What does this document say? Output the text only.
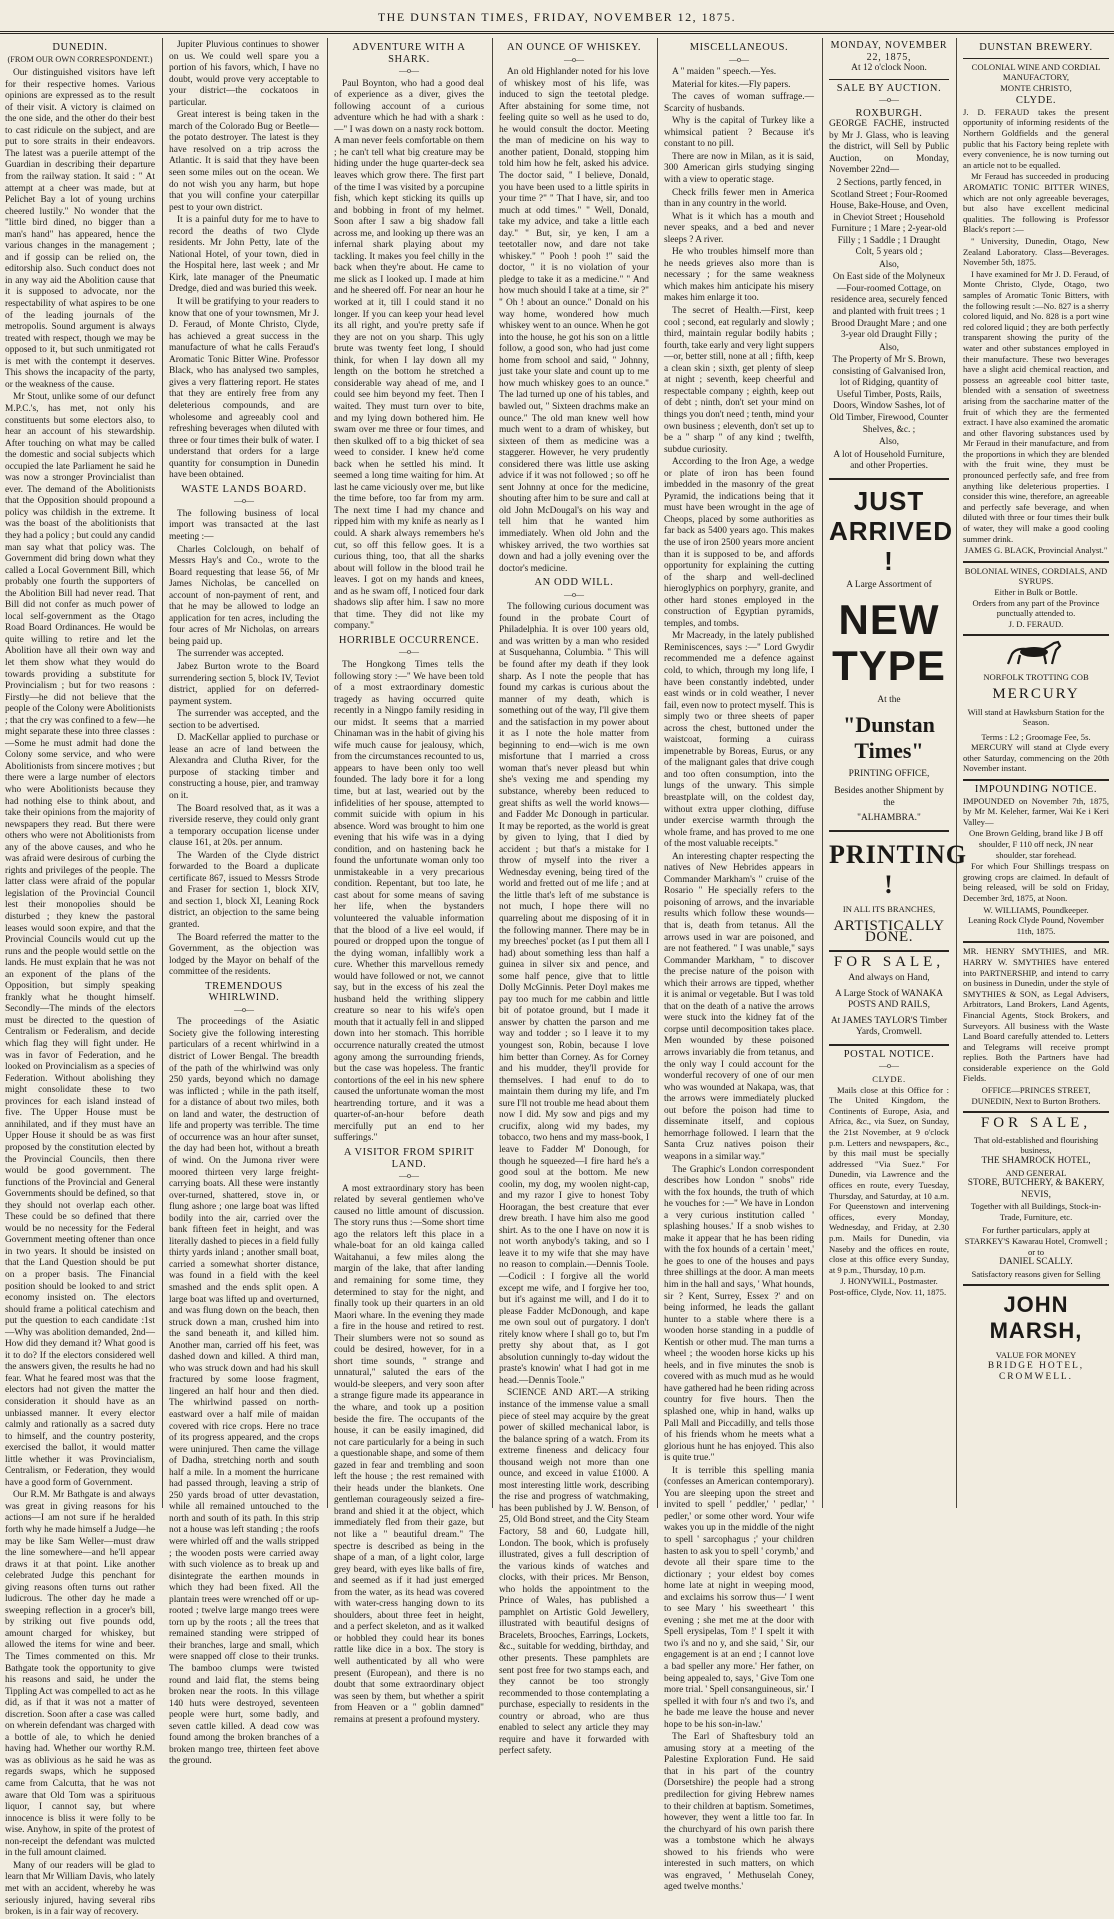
THE DUNSTAN TIMES, FRIDAY, NOVEMBER 12, 1875.
DUNEDIN.
(FROM OUR OWN CORRESPONDENT.)

Our distinguished visitors have left for their respective homes. Various opinions are expressed as to the result of their visit. A victory is claimed on the one side, and the other do their best to cast ridicule on the subject, and are put to sore straits in their endeavors. The latest was a puerile attempt of the Guardian in describing their departure from the railway station. It said : " At attempt at a cheer was made, but at Pelichet Bay a lot of young urchins cheered lustily." No wonder that the "little bird dined, no bigger than a man's hand" has appeared, hence the various changes in the management ; and if gossip can be relied on, the editorship also. Such conduct does not in any way aid the Abolition cause that it is supposed to advocate, nor the respectability of what aspires to be one of the leading journals of the metropolis. Sound argument is always treated with respect, though we may be opposed to it, but such unmitigated rot is met with the contempt it deserves. This shows the incapacity of the party, or the weakness of the cause.

Mr Stout, unlike some of our defunct M.P.C.'s, has met, not only his constituents but some electors also, to hear an account of his stewardship. After touching on what may be called the domestic and social subjects which occupied the late Parliament he said he was now a stronger Provincialist than ever. The demand of the Abolitionists that the Opposition should propound a policy was childish in the extreme. It was the boast of the abolitionists that they had a policy ; but could any candid man say what that policy was. The Government did bring down what they called a Local Government Bill, which probably one fourth the supporters of the Abolition Bill had never read. That Bill did not confer as much power of local self-government as the Otago Road Board Ordinances. He would be quite willing to retire and let the Abolition have all their own way and let them show what they would do towards providing a substitute for Provincialism ; but for two reasons : Firstly—he did not believe that the people of the Colony were Abolitionists ; that the cry was confined to a few—he might separate these into three classes :—Some he must admit had done the Colony some service, and who were Abolitionists from sincere motives ; but there were a large number of electors who were Abolitionists because they had nothing else to think about, and take their opinions from the majority of newspapers they read. But there were others who were not Abolitionists from any of the above causes, and who he was afraid were desirous of curbing the rights and privileges of the people. The latter class were afraid of the popular legislation of the Provincial Council lest their monopolies should be disturbed ; they knew the pastoral leases would soon expire, and that the Provincial Councils would cut up the runs and the people would settle on the lands. He must explain that he was not an exponent of the plans of the Opposition, but simply speaking frankly what he thought himself. Secondly—The minds of the electors must be directed to the question of Centralism or Federalism, and decide which flag they will fight under. He was in favor of Federation, and he looked on Provincialism as a species of Federation. Without abolishing they might consolidate these to two provinces for each island instead of five. The Upper House must be annihilated, and if they must have an Upper House it should be as was first proposed by the constitution elected by the Provincial Councils, then there would be good government. The functions of the Provincial and General Governments should be defined, so that they should not overlap each other. These could be so defined that there would be no necessity for the Federal Government meeting oftener than once in two years. It should be insisted on that the Land Question should be put on a proper basis. The Financial position should be looked to and strict economy insisted on. The electors should frame a political catechism and put the question to each candidate :1st—Why was abolition demanded, 2nd—How did they demand it? What good is it to do? If the electors considered well the answers given, the results he had no fear. What he feared most was that the electors had not given the matter the consideration it should have as an unbiassed manner. It every elector calmly and rationally as a sacred duty to himself, and the country posterity, exercised the ballot, it would matter little whether it was Provincialism, Centralism, or Federation, they would have a good form of Government.

Our R.M. Mr Bathgate is and always was great in giving reasons for his actions—I am not sure if he heralded forth why he made himself a Judge—he may be like Sam Weller—must draw the line somewhere—and he'll appear draws it at that point. Like another celebrated Judge this penchant for giving reasons often turns out rather ludicrous. The other day he made a sweeping reflection in a grocer's bill, by striking out five pounds odd, amount charged for whiskey, but allowed the items for wine and beer. The Times commented on this. Mr Bathgate took the opportunity to give his reasons and said, he under the Tippling Act was compelled to act as he did, as if that it was not a matter of discretion. Soon after a case was called on wherein defendant was charged with a bottle of ale, to which he denied having had. Whether our worthy R.M. was as oblivious as he said he was as regards swaps, which he supposed came from Calcutta, that he was not aware that Old Tom was a spirituous liquor, I cannot say, but where innocence is bliss it were folly to be wise. Anyhow, in spite of the protest of non-receipt the defendant was mulcted in the full amount claimed.

Many of our readers will be glad to learn that Mr William Davis, who lately met with an accident, whereby he was seriously injured, having several ribs broken, is in a fair way of recovery.

Jupiter Pluvious continues to shower on us. We could well spare you a portion of his favors, which, I have no doubt, would prove very acceptable to your district—the cockatoos in particular.

Great interest is being taken in the march of the Colorado Bug or Beetle—the potato destroyer. The latest is they have resolved on a trip across the Atlantic. It is said that they have been seen some miles out on the ocean. We do not wish you any harm, but hope that you will confine your caterpillar pest to your own district.

It is a painful duty for me to have to record the deaths of two Clyde residents. Mr John Petty, late of the National Hotel, of your town, died in the Hospital here, last week ; and Mr Kirk, late manager of the Pneumatic Dredge, died and was buried this week.

It will be gratifying to your readers to know that one of your townsmen, Mr J. D. Feraud, of Monte Christo, Clyde, has achieved a great success in the manufacture of what he calls Feraud's Aromatic Tonic Bitter Wine. Professor Black, who has analysed two samples, gives a very flattering report. He states that they are entirely free from any deleterious compounds, and are wholesome and agreeably cool and refreshing beverages when diluted with three or four times their bulk of water. I understand that orders for a large quantity for consumption in Dunedin have been obtained.

WASTE LANDS BOARD.
—o—

The following business of local import was transacted at the last meeting :—

Charles Colclough, on behalf of Messrs Hay's and Co., wrote to the Board requesting that lease 56, of Mr James Nicholas, be cancelled on account of non-payment of rent, and that he may be allowed to lodge an application for ten acres, including the four acres of Mr Nicholas, on arrears being paid up.

The surrender was accepted.

Jabez Burton wrote to the Board surrendering section 5, block IV, Teviot district, applied for on deferred-payment system.

The surrender was accepted, and the section to be advertised.

D. MacKellar applied to purchase or lease an acre of land between the Alexandra and Clutha River, for the purpose of stacking timber and constructing a house, pier, and tramway on it.

The Board resolved that, as it was a riverside reserve, they could only grant a temporary occupation license under clause 161, at 20s. per annum.

The Warden of the Clyde district forwarded to the Board a duplicate certificate 867, issued to Messrs Strode and Fraser for section 1, block XIV, and section 1, block XI, Leaning Rock district, an objection to the same being granted.

The Board referred the matter to the Government, as the objection was lodged by the Mayor on behalf of the committee of the residents.

TREMENDOUS WHIRLWIND.
—o—

The proceedings of the Asiatic Society give the following interesting particulars of a recent whirlwind in a district of Lower Bengal. The breadth of the path of the whirlwind was only 250 yards, beyond which no damage was inflicted ; while in the path itself, for a distance of about two miles, both on land and water, the destruction of life and property was terrible. The time of occurrence was an hour after sunset, the day had been hot, without a breath of wind. On the Jumona river were moored thirteen very large freight-carrying boats. All these were instantly over-turned, shattered, stove in, or flung ashore ; one large boat was lifted bodily into the air, carried over the bank fifteen feet in height, and was literally dashed to pieces in a field fully thirty yards inland ; another small boat, carried a somewhat shorter distance, was found in a field with the keel smashed and the ends split open. A large boat was lifted up and overturned, and was flung down on the beach, then struck down a man, crushed him into the sand beneath it, and killed him. Another man, carried off his feet, was dashed down and killed. A third man, who was struck down and had his skull fractured by some loose fragment, lingered an half hour and then died. The whirlwind passed on north-eastward over a half mile of maidan covered with rice crops. Here no trace of its progress appeared, and the crops were uninjured. Then came the village of Dadha, stretching north and south half a mile. In a moment the hurricane had passed through, leaving a strip of 250 yards broad of utter devastation, while all remained untouched to the north and south of its path. In this strip not a house was left standing ; the roofs were whirled off and the walls stripped ; the wooden posts were carried away with such violence as to break up and disintegrate the earthen mounds in which they had been fixed. All the plantain trees were wrenched off or up-rooted ; twelve large mango trees were torn up by the roots ; all the trees that remained standing were stripped of their branches, large and small, which were snapped off close to their trunks. The bamboo clumps were twisted round and laid flat, the stems being broken near the roots. In this village 140 huts were destroyed, seventeen people were hurt, some badly, and seven cattle killed. A dead cow was found among the broken branches of a broken mango tree, thirteen feet above the ground.

ADVENTURE WITH A SHARK.
—o—

Paul Boynton, who had a good deal of experience as a diver, gives the following account of a curious adventure which he had with a shark :—" I was down on a nasty rock bottom. A man never feels comfortable on them ; he can't tell what big creature may be hiding under the huge quarter-deck sea leaves which grow there. The first part of the time I was visited by a porcupine fish, which kept sticking its quills up and bobbing in front of my helmet. Soon after I saw a big shadow fall across me, and looking up there was an infernal shark playing about my tackling. It makes you feel chilly in the back when they're about. He came to me slick as I looked up. I made at him and he sheered off. For near an hour he worked at it, till I could stand it no longer. If you can keep your head level its all right, and you're pretty safe if they are not on you sharp. This ugly brute was twenty feet long, I should think, for when I lay down all my length on the bottom he stretched a considerable way ahead of me, and I could see him beyond my feet. Then I waited. They must turn over to bite, and my lying down bothered him. He swam over me three or four times, and then skulked off to a big thicket of sea weed to consider. I knew he'd come back when he settled his mind. It seemed a long time waiting for him. At last he came viciously over me, but like the time before, too far from my arm. The next time I had my chance and ripped him with my knife as nearly as I could. A shark always remembers he's cut, so off this fellow goes. It is a curious thing, too, that all the sharks about will follow in the blood trail he leaves. I got on my hands and knees, and as he swam off, I noticed four dark shadows slip after him. I saw no more that time. They did not like my company."

HORRIBLE OCCURRENCE.
—o—

The Hongkong Times tells the following story :—" We have been told of a most extraordinary domestic tragedy as having occurred quite recently in a Ningpo family residing in our midst. It seems that a married Chinaman was in the habit of giving his wife much cause for jealousy, which, from the circumstances recounted to us, appears to have been only too well founded. The lady bore it for a long time, but at last, wearied out by the infidelities of her spouse, attempted to commit suicide with opium in his absence. Word was brought to him one evening that his wife was in a dying condition, and on hastening back he found the unfortunate woman only too unmistakeable in a very precarious condition. Repentant, but too late, he cast about for some means of saving her life, when the bystanders volunteered the valuable information that the blood of a live eel would, if poured or dropped upon the tongue of the dying woman, infallibly work a cure. Whether this marvellous remedy would have followed or not, we cannot say, but in the excess of his zeal the husband held the writhing slippery creature so near to his wife's open mouth that it actually fell in and slipped down into her stomach. This horrible occurrence naturally created the utmost agony among the surrounding friends, but the case was hopeless. The frantic contortions of the eel in his new sphere caused the unfortunate woman the most heartrending torture, and it was a quarter-of-an-hour before death mercifully put an end to her sufferings."

A VISITOR FROM SPIRIT LAND.
—o—

A most extraordinary story has been related by several gentlemen who've caused no little amount of discussion. The story runs thus :—Some short time ago the relators left this place in a whale-boat for an old kainga called Waitahanui, a few miles along the margin of the lake, that after landing and remaining for some time, they determined to stay for the night, and finally took up their quarters in an old Maori whare. In the evening they made a fire in the house and retired to rest. Their slumbers were not so sound as could be desired, however, for in a short time sounds, " strange and unnatural," saluted the ears of the would-be sleepers, and very soon after a strange figure made its appearance in the whare, and took up a position beside the fire. The occupants of the house, it can be easily imagined, did not care particularly for a being in such a questionable shape, and some of them gazed in fear and trembling and soon left the house ; the rest remained with their heads under the blankets. One gentleman courageously seized a fire-brand and shied it at the object, which immediately fled from their gaze, but not like a " beautiful dream." The spectre is described as being in the shape of a man, of a light color, large grey beard, with eyes like balls of fire, and seemed as if it had just emerged from the water, as its head was covered with water-cress hanging down to its shoulders, about three feet in height, and a perfect skeleton, and as it walked or hobbled they could hear its bones rattle like dice in a box. The story is well authenticated by all who were present (European), and there is no doubt that some extraordinary object was seen by them, but whether a spirit from Heaven or a " goblin damned" remains at present a profound mystery.

AN OUNCE OF WHISKEY.
—o—

An old Highlander noted for his love of whiskey most of his life, was induced to sign the teetotal pledge. After abstaining for some time, not feeling quite so well as he used to do, he would consult the doctor. Meeting the man of medicine on his way to another patient, Donald, stopping him told him how he felt, asked his advice. The doctor said, " I believe, Donald, you have been used to a little spirits in your time ?" " That I have, sir, and too much at odd times." " Well, Donald, take my advice, and take a little each day." " But, sir, ye ken, I am a teetotaller now, and dare not take whiskey." " Pooh ! pooh !" said the doctor, " it is no violation of your pledge to take it as a medicine." " And how much should I take at a time, sir ?" " Oh ! about an ounce." Donald on his way home, wondered how much whiskey went to an ounce. When he got into the house, he got his son on a little follow, a good son, who had just come home from school and said, " Johnny, just take your slate and count up to me how much whiskey goes to an ounce." The lad turned up one of his tables, and bawled out, " Sixteen drachms make an ounce." The old man knew well how much went to a dram of whiskey, but sixteen of them as medicine was a staggerer. However, he very prudently considered there was little use asking advice if it was not followed ; so off he sent Johnny at once for the medicine, shouting after him to be sure and call at old John McDougal's on his way and tell him that he wanted him immediately. When old John and the whiskey arrived, the two worthies sat down and had a jolly evening over the doctor's medicine.

AN ODD WILL.
—o—

The following curious document was found in the probate Court of Philadelphia. It is over 100 years old, and was written by a man who resided at Susquehanna, Columbia. " This will be found after my death if they look sharp. As I note the people that has found my carkas is curious about the manner of my death, which is something out of the way, I'll give them and the satisfaction in my power about it as I note the hole matter from beginning to end—wich is me own misfortune that I married a cross woman that's never pleasd but whin she's vexing me and spending my substance, whereby been reduced to great shifts as well the world knows—and Fadder Mc Donough in particular. It may be reported, as the world is great by given to lying, that I died by accident ; but that's a mistake for I throw of myself into the river a Wednesday evening, being tired of the world and fretted out of me life ; and at the little that's left of me substance is not much, I hope there will no quarreling about me disposing of it in the following manner. There may be in my breeches' pocket (as I put them all I had) about something less than half a guinea in silver six and pence, and some half pence, give that to little Dolly McGinnis. Peter Doyl makes me pay too much for me cabbin and little bit of potatoe ground, but I made it answer by chatten the parson and me way and todder ; so I leave it to my youngest son, Robin, because I love him better than Corney. As for Corney and his mudder, they'll provide for themselves. I had enuf to do to maintain them during my life, and I'm sure I'll not trouble me head about them now I did. My sow and pigs and my crucifix, along wid my bades, my tobacco, two hens and my mass-book, I leave to Fadder M' Donough, for though he squeezed—I fire hard he's a good soul at the bottom. Me new coolin, my dog, my woolen night-cap, and my razor I give to honest Toby Hooragan, the best creature that ever drew breath. I have him also me good shirt. As to the one I have on now it is not worth anybody's taking, and so I leave it to my wife that she may have no reason to complain.—Dennis Toole.—Codicil : I forgive all the world except me wife, and I forgive her too, but it's against me will, and I do it to please Fadder McDonough, and kape me own soul out of purgatory. I don't ritely know where I shall go to, but I'm pretty shy about that, as I got absolution cunningly to-day widout the praste's knowin' what I had got in me head.—Dennis Toole."

SCIENCE AND ART.—A striking instance of the immense value a small piece of steel may acquire by the great power of skilled mechanical labor, is the balance spring of a watch. From its extreme fineness and delicacy four thousand weigh not more than one ounce, and exceed in value £1000. A most interesting little work, describing the rise and progress of watchmaking, has been published by J. W. Benson, of 25, Old Bond street, and the City Steam Factory, 58 and 60, Ludgate hill, London. The book, which is profusely illustrated, gives a full description of the various kinds of watches and clocks, with their prices. Mr Benson, who holds the appointment to the Prince of Wales, has published a pamphlet on Artistic Gold Jewellery, illustrated with beautiful designs of Bracelets, Brooches, Earrings, Lockets, &c., suitable for wedding, birthday, and other presents. These pamphlets are sent post free for two stamps each, and they cannot be too strongly recommended to those contemplating a purchase, especially to residents in the country or abroad, who are thus enabled to select any article they may require and have it forwarded with perfect safety.

MISCELLANEOUS.
—o—

A " maiden " speech.—Yes.

Material for kites.—Fly papers.

The caves of woman suffrage.—Scarcity of husbands.

Why is the capital of Turkey like a whimsical patient ? Because it's constant to no pill.

There are now in Milan, as it is said, 300 American girls studying singing with a view to operatic stage.

Check frills fewer men in America than in any country in the world.

What is it which has a mouth and never speaks, and a bed and never sleeps ? A river.

He who troubles himself more than he needs grieves also more than is necessary ; for the same weakness which makes him anticipate his misery makes him enlarge it too.

The secret of Health.—First, keep cool ; second, eat regularly and slowly ; third, maintain regular bodily habits ; fourth, take early and very light suppers—or, better still, none at all ; fifth, keep a clean skin ; sixth, get plenty of sleep at night ; seventh, keep cheerful and respectable company ; eighth, keep out of debt ; ninth, don't set your mind on things you don't need ; tenth, mind your own business ; eleventh, don't set up to be a " sharp " of any kind ; twelfth, subdue curiosity.

According to the Iron Age, a wedge or plate of iron has been found imbedded in the masonry of the great Pyramid, the indications being that it must have been wrought in the age of Cheops, placed by some authorities as far back as 5400 years ago. This makes the use of iron 2500 years more ancient than it is supposed to be, and affords opportunity for explaining the cutting of the sharp and well-declined hieroglyphics on porphyry, granite, and other hard stones employed in the construction of Egyptian pyramids, temples, and tombs.

Mr Macready, in the lately published Reminiscences, says :—" Lord Gwydir recommended me a defence against cold, to which, through my long life, I have been constantly indebted, under east winds or in cold weather, I never fail, even now to protect myself. This is simply two or three sheets of paper across the chest, buttoned under the waistcoat, forming a cuirass impenetrable by Boreas, Eurus, or any of the malignant gales that drive cough and too often consumption, into the lungs of the unwary. This simple breastplate will, on the coldest day, without extra upper clothing, diffuse under exercise warmth through the whole frame, and has proved to me one of the most valuable receipts."

An interesting chapter respecting the natives of New Hebrides appears in Commander Markham's " cruise of the Rosario " He specially refers to the poisoning of arrows, and the invariable results which follow these wounds—that is, death from tetanus. All the arrows used in war are poisoned, and are not feathered. " I was unable," says Commander Markham, " to discover the precise nature of the poison with which their arrows are tipped, whether it is animal or vegetable. But I was told that on the death of a native the arrows were stuck into the kidney fat of the corpse until decomposition takes place. Men wounded by these poisoned arrows invariably die from tetanus, and the only way I could account for the wonderful recovery of one of our men who was wounded at Nakapa, was, that the arrows were immediately plucked out before the poison had time to disseminate itself, and copious hemorrhage followed. I learn that the Santa Cruz natives poison their weapons in a similar way."

The Graphic's London correspondent describes how London " snobs" ride with the fox hounds, the truth of which he vouches for :—" We have in London a very curious institution called ' splashing houses.' If a snob wishes to make it appear that he has been riding with the fox hounds of a certain ' meet,' he goes to one of the houses and pays three shillings at the door. A man meets him in the hall and says, ' What hounds, sir ? Kent, Surrey, Essex ?' and on being informed, he leads the gallant hunter to a stable where there is a wooden horse standing in a puddle of Kentish or other mud. The man turns a wheel ; the wooden horse kicks up his heels, and in five minutes the snob is covered with as much mud as he would have gathered had he been riding across country for five hours. Then the splashed one, whip in hand, walks up Pall Mall and Piccadilly, and tells those of his friends whom he meets what a glorious hunt he has enjoyed. This also is quite true."

It is terrible this spelling mania (confesses an American contemporary). You are sleeping upon the street and invited to spell ' peddler,' ' pedlar,' ' pedler,' or some other word. Your wife wakes you up in the middle of the night to spell ' sarcophagus ;' your children hasten to ask you to spell ' corymb,' and devote all their spare time to the dictionary ; your eldest boy comes home late at night in weeping mood, and exclaims his sorrow thus—' I went to see Mary ' his sweetheart ' this evening ; she met me at the door with Spell erysipelas, Tom !' I spelt it with two i's and no y, and she said, ' Sir, our engagement is at an end ; I cannot love a bad speller any more.' Her father, on being appealed to, says, ' Give Tom one more trial. ' Spell consanguineous, sir.' I spelled it with four n's and two i's, and he bade me leave the house and never hope to be his son-in-law.'

The Earl of Shaftesbury told an amusing story at a meeting of the Palestine Exploration Fund. He said that in his part of the country (Dorsetshire) the people had a strong predilection for giving Hebrew names to their children at baptism. Sometimes, however, they went a little too far. In the churchyard of his own parish there was a tombstone which he always showed to his friends who were interested in such matters, on which was engraved, ' Methuselah Coney, aged twelve months.'

MONDAY, NOVEMBER 22, 1875,
At 12 o'clock Noon.
SALE BY AUCTION.
—o—
ROXBURGH.

GEORGE FACHE, instructed by Mr J. Glass, who is leaving the district, will Sell by Public Auction, on Monday, November 22nd—

2 Sections, partly fenced, in Scotland Street ; Four-Roomed House, Bake-House, and Oven, in Cheviot Street ; Household Furniture ; 1 Mare ; 2-year-old Filly ; 1 Saddle ; 1 Draught Colt, 5 years old ;

Also,

On East side of the Molyneux—Four-roomed Cottage, on residence area, securely fenced and planted with fruit trees ; 1 Brood Draught Mare ; and one 3-year old Draught Filly ;

Also,

The Property of Mr S. Brown, consisting of Galvanised Iron, lot of Ridging, quantity of Useful Timber, Posts, Rails, Doors, Window Sashes, lot of Old Timber, Firewood, Counter Shelves, &c. ;

Also,

A lot of Household Furniture, and other Properties.

JUST ARRIVED !
A Large Assortment of
NEW TYPE
At the
"Dunstan Times"
PRINTING OFFICE,
Besides another Shipment by the
"ALHAMBRA."
PRINTING !
IN ALL ITS BRANCHES,
ARTISTICALLY DONE.
FOR SALE,
And always on Hand,
A Large Stock of WANAKA POSTS AND RAILS,
At JAMES TAYLOR'S Timber Yards, Cromwell.
POSTAL NOTICE.
—o—
CLYDE.

Mails close at this Office for : The United Kingdom, the Continents of Europe, Asia, and Africa, &c., via Suez, on Sunday, the 21st November, at 9 o'clock p.m. Letters and newspapers, &c., by this mail must be specially addressed "Via Suez." For Dunedin, via Lawrence and the offices en route, every Tuesday, Thursday, and Saturday, at 10 a.m. For Queenstown and intervening offices, every Monday, Wednesday, and Friday, at 2.30 p.m. Mails for Dunedin, via Naseby and the offices en route, close at this office every Sunday, at 9 p.m., Thursday, 10 p.m.

J. HONYWILL, Postmaster.
Post-office, Clyde, Nov. 11, 1875.
DUNSTAN BREWERY.
COLONIAL WINE AND CORDIAL MANUFACTORY,
MONTE CHRISTO,
CLYDE.

J. D. FERAUD takes the present opportunity of informing residents of the Northern Goldfields and the general public that his Factory being replete with every convenience, he is now turning out an article not to be equalled.

Mr Feraud has succeeded in producing AROMATIC TONIC BITTER WINES, which are not only agreeable beverages, but also have excellent medicinal qualities. The following is Professor Black's report :—

" University, Dunedin, Otago, New Zealand Laboratory. Class—Beverages. November 5th, 1875.

I have examined for Mr J. D. Feraud, of Monte Christo, Clyde, Otago, two samples of Aromatic Tonic Bitters, with the following result :—No. 827 is a sherry colored liquid, and No. 828 is a port wine red colored liquid ; they are both perfectly transparent showing the purity of the water and other substances employed in their manufacture. These two beverages have a slight acid chemical reaction, and possess an agreeable cool bitter taste, blended with a sensation of sweetness arising from the saccharine matter of the fruit of which they are the fermented extract. I have also examined the aromatic and other flavoring substances used by Mr Feraud in their manufacture, and from the proportions in which they are blended with the fruit wine, they must be pronounced perfectly safe, and free from anything like deleterious properties. I consider this wine, therefore, an agreeable and perfectly safe beverage, and when diluted with three or four times their bulk of water, they will make a good cooling summer drink.

JAMES G. BLACK, Provincial Analyst."
BOLONIAL WINES, CORDIALS, AND SYRUPS.
Either in Bulk or Bottle.
Orders from any part of the Province punctually attended to.
J. D. FERAUD.
NORFOLK TROTTING COB
MERCURY
Will stand at Hawksburn Station for the Season.
Terms : L2 ; Groomage Fee, 5s.

MERCURY will stand at Clyde every other Saturday, commencing on the 20th November instant.

IMPOUNDING NOTICE.

IMPOUNDED on November 7th, 1875, by Mr M. Keleher, farmer, Wai Ke i Keri Valley—

One Brown Gelding, brand like J B off shoulder, F 110 off neck, JN near shoulder, star forehead.

For which Four Shillings trespass on growing crops are claimed. In default of being released, will be sold on Friday, December 3rd, 1875, at Noon.

W. WILLIAMS, Poundkeeper.
Leaning Rock Clyde Pound, November 11th, 1875.

MR. HENRY SMYTHIES, and MR. HARRY W. SMYTHIES have entered into PARTNERSHIP, and intend to carry on business in Dunedin, under the style of SMYTHIES & SON, as Legal Advisers, Arbitrators, Land Brokers, Land Agents, Financial Agents, Stock Brokers, and Surveyors. All business with the Waste Land Board carefully attended to. Letters and Telegrams will receive prompt replies. Both the Partners have had considerable experience on the Gold Fields.

OFFICE—PRINCES STREET, DUNEDIN, Next to Burton Brothers.
FOR SALE,
That old-established and flourishing business,
THE SHAMROCK HOTEL,
AND GENERAL
STORE, BUTCHERY, & BAKERY, NEVIS,
Together with all Buildings, Stock-in-Trade, Furniture, etc.
For further particulars, apply at STARKEY'S Kawarau Hotel, Cromwell ; or to
DANIEL SCALLY.
Satisfactory reasons given for Selling
JOHN MARSH,
VALUE FOR MONEY
BRIDGE HOTEL,
CROMWELL.
